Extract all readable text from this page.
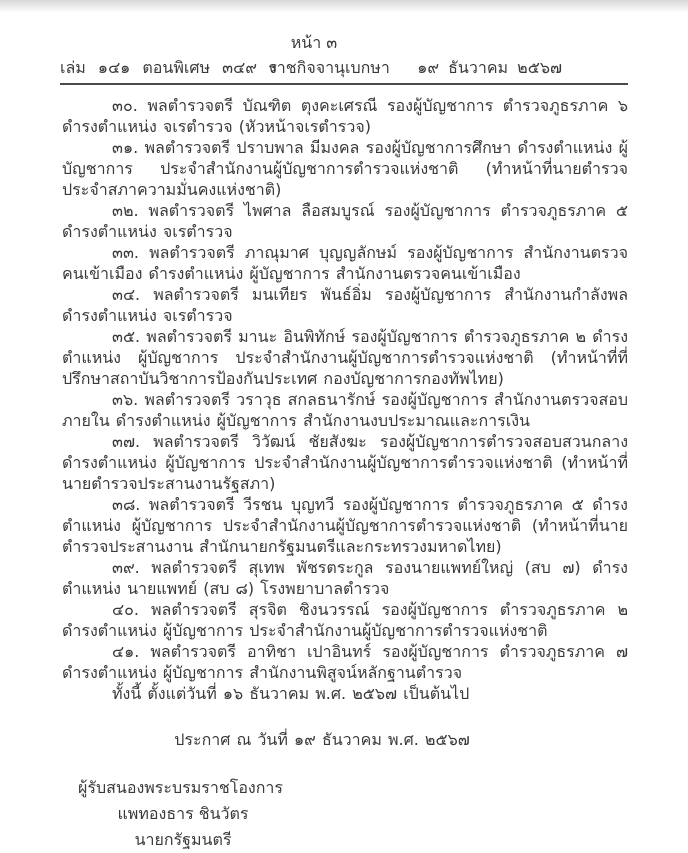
หน้า ๓
เล่ม ๑๔๑ ตอนพิเศษ ๓๔๙ ง
ราชกิจจานุเบกษา ๑๙ ธันวาคม ๒๕๖๗

๓๐. พลตำรวจตรี บัณฑิต ตุงคะเศรณี รองผู้บัญชาการ ตำรวจภูธรภาค ๖ ดำรงตำแหน่ง จเรตำรวจ (หัวหน้าจเรตำรวจ)

๓๑. พลตำรวจตรี ปราบพาล มีมงคล รองผู้บัญชาการศึกษา ดำรงตำแหน่ง ผู้บัญชาการ ประจำสำนักงานผู้บัญชาการตำรวจแห่งชาติ (ทำหน้าที่นายตำรวจประจำสภาความมั่นคงแห่งชาติ)

๓๒. พลตำรวจตรี ไพศาล ลือสมบูรณ์ รองผู้บัญชาการ ตำรวจภูธรภาค ๕ ดำรงตำแหน่ง จเรตำรวจ

๓๓. พลตำรวจตรี ภาณุมาศ บุญญลักษม์ รองผู้บัญชาการ สำนักงานตรวจคนเข้าเมือง ดำรงตำแหน่ง ผู้บัญชาการ สำนักงานตรวจคนเข้าเมือง

๓๔. พลตำรวจตรี มนเทียร พันธ์อิ่ม รองผู้บัญชาการ สำนักงานกำลังพล ดำรงตำแหน่ง จเรตำรวจ

๓๕. พลตำรวจตรี มานะ อินพิทักษ์ รองผู้บัญชาการ ตำรวจภูธรภาค ๒ ดำรงตำแหน่ง ผู้บัญชาการ ประจำสำนักงานผู้บัญชาการตำรวจแห่งชาติ (ทำหน้าที่ที่ปรึกษาสถาบันวิชาการป้องกันประเทศ กองบัญชาการกองทัพไทย)

๓๖. พลตำรวจตรี วราวุธ สกลธนารักษ์ รองผู้บัญชาการ สำนักงานตรวจสอบภายใน ดำรงตำแหน่ง ผู้บัญชาการ สำนักงานงบประมาณและการเงิน

๓๗. พลตำรวจตรี วิวัฒน์ ชัยสังฆะ รองผู้บัญชาการตำรวจสอบสวนกลาง ดำรงตำแหน่ง ผู้บัญชาการ ประจำสำนักงานผู้บัญชาการตำรวจแห่งชาติ (ทำหน้าที่นายตำรวจประสานงานรัฐสภา)

๓๘. พลตำรวจตรี วีรชน บุญทวี รองผู้บัญชาการ ตำรวจภูธรภาค ๕ ดำรงตำแหน่ง ผู้บัญชาการ ประจำสำนักงานผู้บัญชาการตำรวจแห่งชาติ (ทำหน้าที่นายตำรวจประสานงาน สำนักนายกรัฐมนตรีและกระทรวงมหาดไทย)

๓๙. พลตำรวจตรี สุเทพ พัชรตระกูล รองนายแพทย์ใหญ่ (สบ ๗) ดำรงตำแหน่ง นายแพทย์ (สบ ๘) โรงพยาบาลตำรวจ

๔๐. พลตำรวจตรี สุรจิต ชิงนวรรณ์ รองผู้บัญชาการ ตำรวจภูธรภาค ๒ ดำรงตำแหน่ง ผู้บัญชาการ ประจำสำนักงานผู้บัญชาการตำรวจแห่งชาติ

๔๑. พลตำรวจตรี อาทิชา เปาอินทร์ รองผู้บัญชาการ ตำรวจภูธรภาค ๗ ดำรงตำแหน่ง ผู้บัญชาการ สำนักงานพิสูจน์หลักฐานตำรวจ

ทั้งนี้ ตั้งแต่วันที่ ๑๖ ธันวาคม พ.ศ. ๒๕๖๗ เป็นต้นไป

ประกาศ ณ วันที่ ๑๙ ธันวาคม พ.ศ. ๒๕๖๗

ผู้รับสนองพระบรมราชโองการ

แพทองธาร ชินวัตร

นายกรัฐมนตรี
